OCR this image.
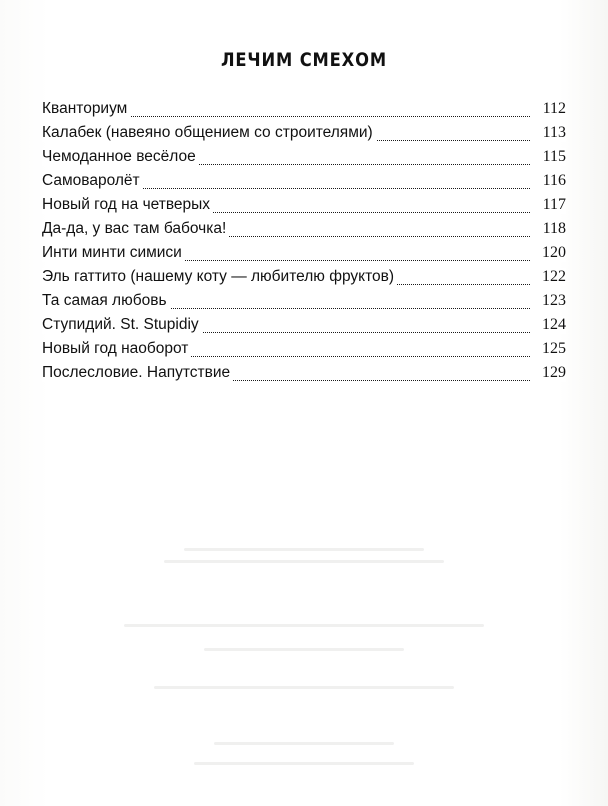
ЛЕЧИМ СМЕХОМ
Кванториум	112
Калабек (навеяно общением со строителями)	113
Чемоданное весёлое	115
Самоваролёт	116
Новый год на четверых	117
Да-да, у вас там бабочка!	118
Инти минти симиси	120
Эль гаттито (нашему коту — любителю фруктов)	122
Та самая любовь	123
Ступидий. St. Stupidiy	124
Новый год наоборот	125
Послесловие. Напутствие	129
